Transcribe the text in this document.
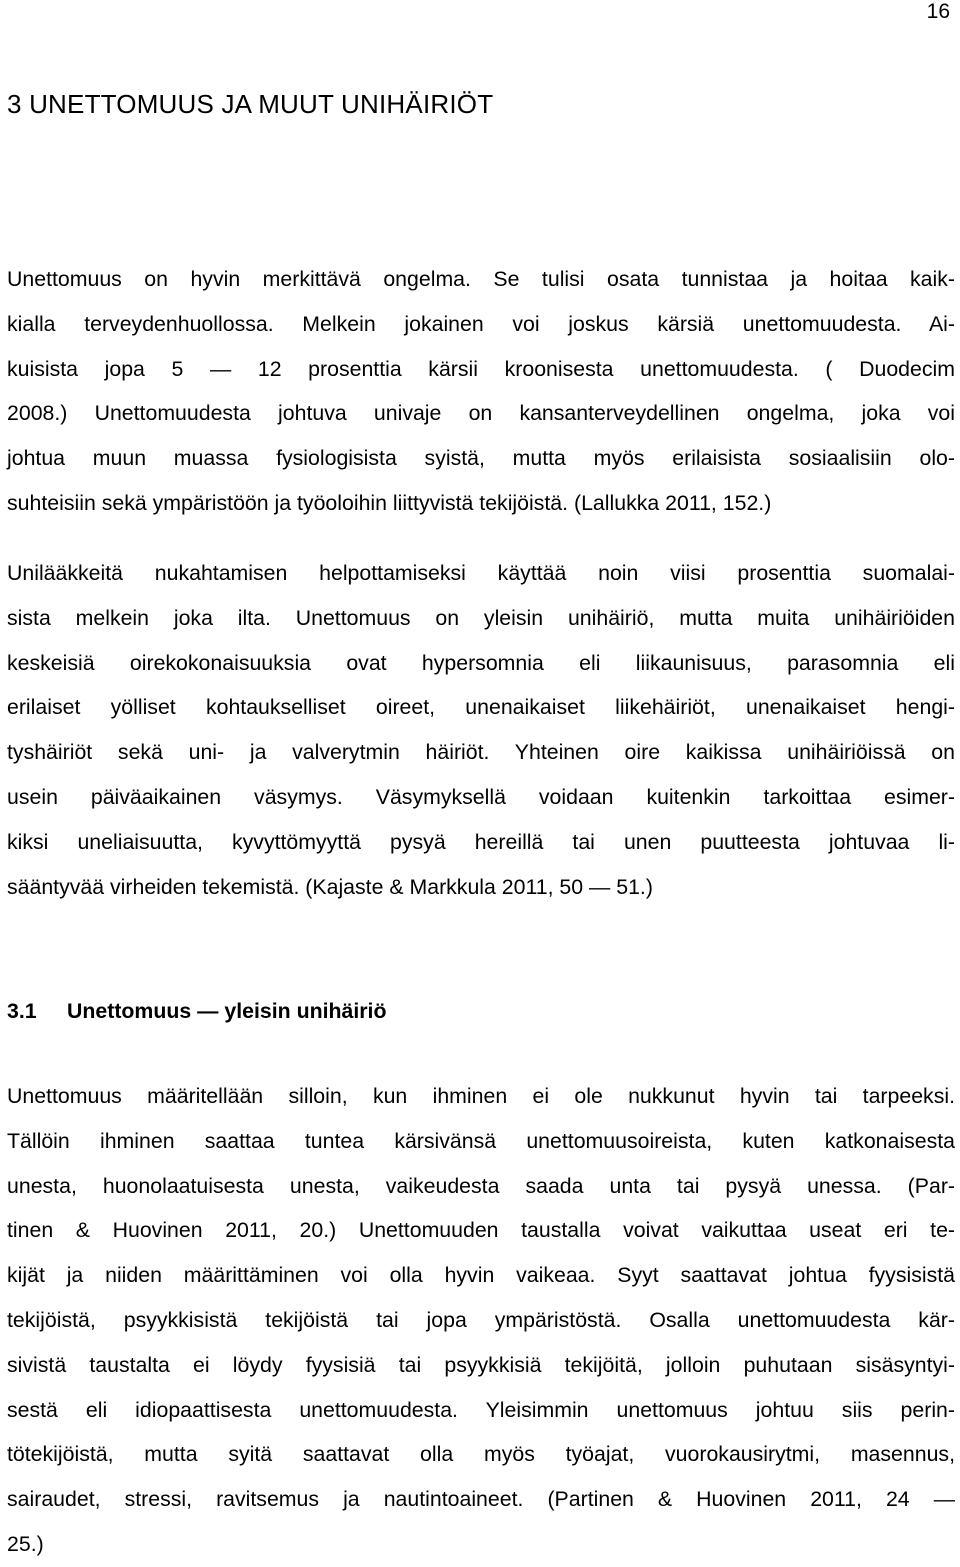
16
3 UNETTOMUUS JA MUUT UNIHÄIRIÖT
Unettomuus on hyvin merkittävä ongelma. Se tulisi osata tunnistaa ja hoitaa kaik-
kialla terveydenhuollossa. Melkein jokainen voi joskus kärsiä unettomuudesta. Ai-
kuisista jopa 5 — 12 prosenttia kärsii kroonisesta unettomuudesta. ( Duodecim
2008.) Unettomuudesta johtuva univaje on kansanterveydellinen ongelma, joka voi
johtua muun muassa fysiologisista syistä, mutta myös erilaisista sosiaalisiin olo-
suhteisiin sekä ympäristöön ja työoloihin liittyvistä tekijöistä. (Lallukka 2011, 152.)
Unilääkkeitä nukahtamisen helpottamiseksi käyttää noin viisi prosenttia suomalai-
sista melkein joka ilta. Unettomuus on yleisin unihäiriö, mutta muita unihäiriöiden
keskeisiä oirekokonaisuuksia ovat hypersomnia eli liikaunisuus, parasomnia eli
erilaiset yölliset kohtaukselliset oireet, unenaikaiset liikehäiriöt, unenaikaiset hengi-
tyshäiriöt sekä uni- ja valverytmin häiriöt. Yhteinen oire kaikissa unihäiriöissä on
usein päiväaikainen väsymys. Väsymyksellä voidaan kuitenkin tarkoittaa esimer-
kiksi uneliaisuutta, kyvyttömyyttä pysyä hereillä tai unen puutteesta johtuvaa li-
sääntyvää virheiden tekemistä. (Kajaste & Markkula 2011, 50 — 51.)
3.1 Unettomuus — yleisin unihäiriö
Unettomuus määritellään silloin, kun ihminen ei ole nukkunut hyvin tai tarpeeksi.
Tällöin ihminen saattaa tuntea kärsivänsä unettomuusoireista, kuten katkonaisesta
unesta, huonolaatuisesta unesta, vaikeudesta saada unta tai pysyä unessa. (Par-
tinen & Huovinen 2011, 20.) Unettomuuden taustalla voivat vaikuttaa useat eri te-
kijät ja niiden määrittäminen voi olla hyvin vaikeaa. Syyt saattavat johtua fyysisistä
tekijöistä, psyykkisistä tekijöistä tai jopa ympäristöstä. Osalla unettomuudesta kär-
sivistä taustalta ei löydy fyysisiä tai psyykkisiä tekijöitä, jolloin puhutaan sisäsyntyi-
sestä eli idiopaattisesta unettomuudesta. Yleisimmin unettomuus johtuu siis perin-
tötekijöistä, mutta syitä saattavat olla myös työajat, vuorokausirytmi, masennus,
sairaudet, stressi, ravitsemus ja nautintoaineet. (Partinen & Huovinen 2011, 24 —
25.)
